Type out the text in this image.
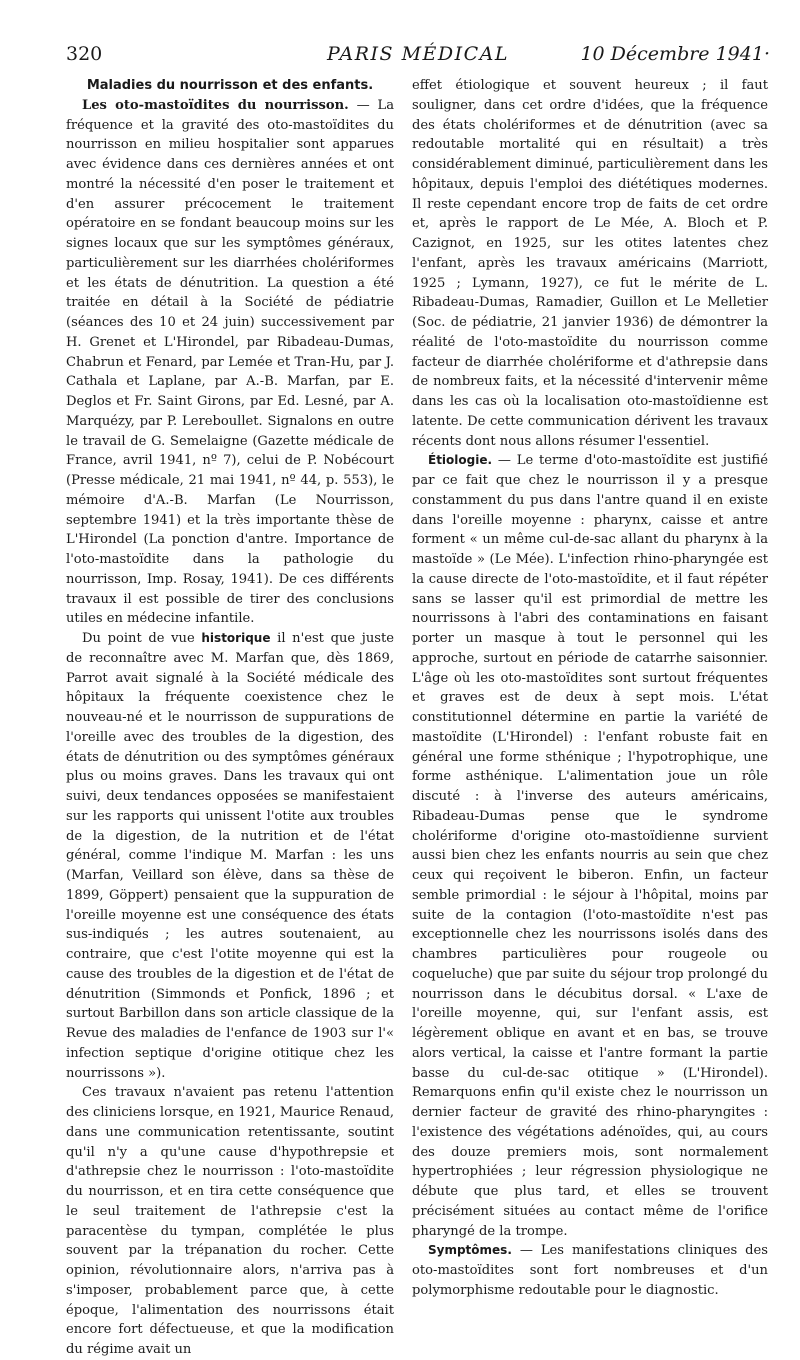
320	PARIS MÉDICAL	10 Décembre 1941·

Maladies du nourrisson et des enfants.

Les oto-mastoïdites du nourrisson. — La fréquence et la gravité des oto-mastoïdites du nourrisson en milieu hospitalier sont apparues avec évidence dans ces dernières années et ont montré la nécessité d'en poser le traitement et d'en assurer précocement le traitement opératoire en se fondant beaucoup moins sur les signes locaux que sur les symptômes généraux, particulièrement sur les diarrhées cholériformes et les états de dénutrition. La question a été traitée en détail à la Société de pédiatrie (séances des 10 et 24 juin) successivement par H. Grenet et L'Hirondel, par Ribadeau-Dumas, Chabrun et Fenard, par Lemée et Tran-Hu, par J. Cathala et Laplane, par A.-B. Marfan, par E. Deglos et Fr. Saint Girons, par Ed. Lesné, par A. Marquézy, par P. Lereboullet. Signalons en outre le travail de G. Semelaigne (Gazette médicale de France, avril 1941, nº 7), celui de P. Nobécourt (Presse médicale, 21 mai 1941, nº 44, p. 553), le mémoire d'A.-B. Marfan (Le Nourrisson, septembre 1941) et la très importante thèse de L'Hirondel (La ponction d'antre. Importance de l'oto-mastoïdite dans la pathologie du nourrisson, Imp. Rosay, 1941). De ces différents travaux il est possible de tirer des conclusions utiles en médecine infantile.

Du point de vue historique il n'est que juste de reconnaître avec M. Marfan que, dès 1869, Parrot avait signalé à la Société médicale des hôpitaux la fréquente coexistence chez le nouveau-né et le nourrisson de suppurations de l'oreille avec des troubles de la digestion, des états de dénutrition ou des symptômes généraux plus ou moins graves. Dans les travaux qui ont suivi, deux tendances opposées se manifestaient sur les rapports qui unissent l'otite aux troubles de la digestion, de la nutrition et de l'état général, comme l'indique M. Marfan : les uns (Marfan, Veillard son élève, dans sa thèse de 1899, Göppert) pensaient que la suppuration de l'oreille moyenne est une conséquence des états sus-indiqués ; les autres soutenaient, au contraire, que c'est l'otite moyenne qui est la cause des troubles de la digestion et de l'état de dénutrition (Simmonds et Ponfick, 1896 ; et surtout Barbillon dans son article classique de la Revue des maladies de l'enfance de 1903 sur l'« infection septique d'origine otitique chez les nourrissons »).

Ces travaux n'avaient pas retenu l'attention des cliniciens lorsque, en 1921, Maurice Renaud, dans une communication retentissante, soutint qu'il n'y a qu'une cause d'hypothrepsie et d'athrepsie chez le nourrisson : l'oto-mastoïdite du nourrisson, et en tira cette conséquence que le seul traitement de l'athrepsie c'est la paracentèse du tympan, complétée le plus souvent par la trépanation du rocher. Cette opinion, révolutionnaire alors, n'arriva pas à s'imposer, probablement parce que, à cette époque, l'alimentation des nourrissons était encore fort défectueuse, et que la modification du régime avait un

effet étiologique et souvent heureux ; il faut souligner, dans cet ordre d'idées, que la fréquence des états cholériformes et de dénutrition (avec sa redoutable mortalité qui en résultait) a très considérablement diminué, particulièrement dans les hôpitaux, depuis l'emploi des diététiques modernes. Il reste cependant encore trop de faits de cet ordre et, après le rapport de Le Mée, A. Bloch et P. Cazignot, en 1925, sur les otites latentes chez l'enfant, après les travaux américains (Marriott, 1925 ; Lymann, 1927), ce fut le mérite de L. Ribadeau-Dumas, Ramadier, Guillon et Le Melletier (Soc. de pédiatrie, 21 janvier 1936) de démontrer la réalité de l'oto-mastoïdite du nourrisson comme facteur de diarrhée cholériforme et d'athrepsie dans de nombreux faits, et la nécessité d'intervenir même dans les cas où la localisation oto-mastoïdienne est latente. De cette communication dérivent les travaux récents dont nous allons résumer l'essentiel.

Étiologie. — Le terme d'oto-mastoïdite est justifié par ce fait que chez le nourrisson il y a presque constamment du pus dans l'antre quand il en existe dans l'oreille moyenne : pharynx, caisse et antre forment « un même cul-de-sac allant du pharynx à la mastoïde » (Le Mée). L'infection rhino-pharyngée est la cause directe de l'oto-mastoïdite, et il faut répéter sans se lasser qu'il est primordial de mettre les nourrissons à l'abri des contaminations en faisant porter un masque à tout le personnel qui les approche, surtout en période de catarrhe saisonnier. L'âge où les oto-mastoïdites sont surtout fréquentes et graves est de deux à sept mois. L'état constitutionnel détermine en partie la variété de mastoïdite (L'Hirondel) : l'enfant robuste fait en général une forme sthénique ; l'hypotrophique, une forme asthénique. L'alimentation joue un rôle discuté : à l'inverse des auteurs américains, Ribadeau-Dumas pense que le syndrome cholériforme d'origine oto-mastoïdienne survient aussi bien chez les enfants nourris au sein que chez ceux qui reçoivent le biberon. Enfin, un facteur semble primordial : le séjour à l'hôpital, moins par suite de la contagion (l'oto-mastoïdite n'est pas exceptionnelle chez les nourrissons isolés dans des chambres particulières pour rougeole ou coqueluche) que par suite du séjour trop prolongé du nourrisson dans le décubitus dorsal. « L'axe de l'oreille moyenne, qui, sur l'enfant assis, est légèrement oblique en avant et en bas, se trouve alors vertical, la caisse et l'antre formant la partie basse du cul-de-sac otitique » (L'Hirondel). Remarquons enfin qu'il existe chez le nourrisson un dernier facteur de gravité des rhino-pharyngites : l'existence des végétations adénoïdes, qui, au cours des douze premiers mois, sont normalement hypertrophiées ; leur régression physiologique ne débute que plus tard, et elles se trouvent précisément situées au contact même de l'orifice pharyngé de la trompe.

Symptômes. — Les manifestations cliniques des oto-mastoïdites sont fort nombreuses et d'un polymorphisme redoutable pour le diagnostic.
